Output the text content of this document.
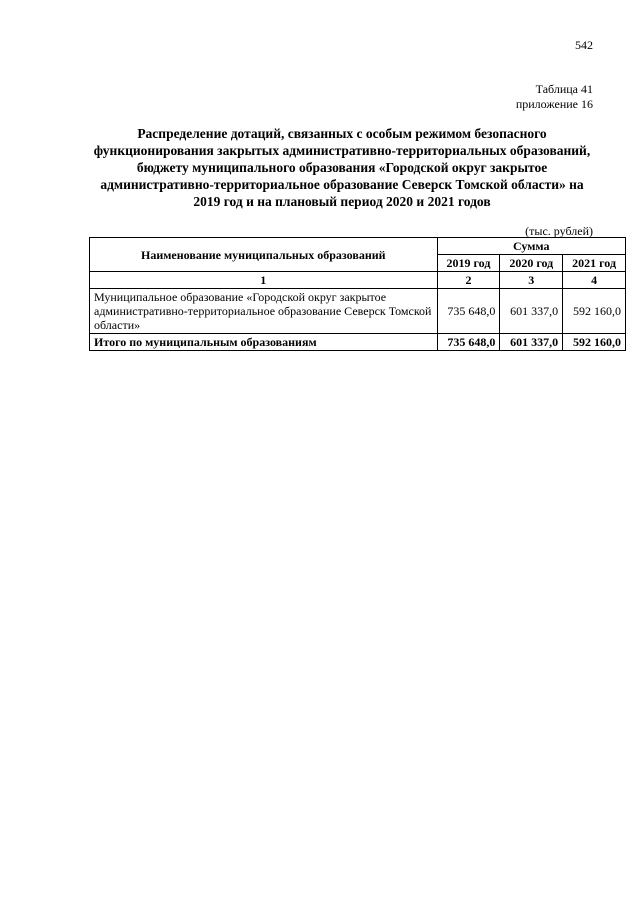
542
Таблица 41
приложение 16
Распределение дотаций, связанных с особым режимом безопасного функционирования закрытых административно-территориальных образований, бюджету муниципального образования «Городской округ закрытое административно-территориальное образование Северск Томской области» на 2019 год и на плановый период 2020 и 2021 годов
(тыс. рублей)
Наименование муниципальных образований	Сумма		
	2019 год	2020 год	2021 год
1	2	3	4
Муниципальное образование «Городской округ закрытое административно-территориальное образование Северск Томской области»	735 648,0	601 337,0	592 160,0
Итого по муниципальным образованиям	735 648,0	601 337,0	592 160,0
